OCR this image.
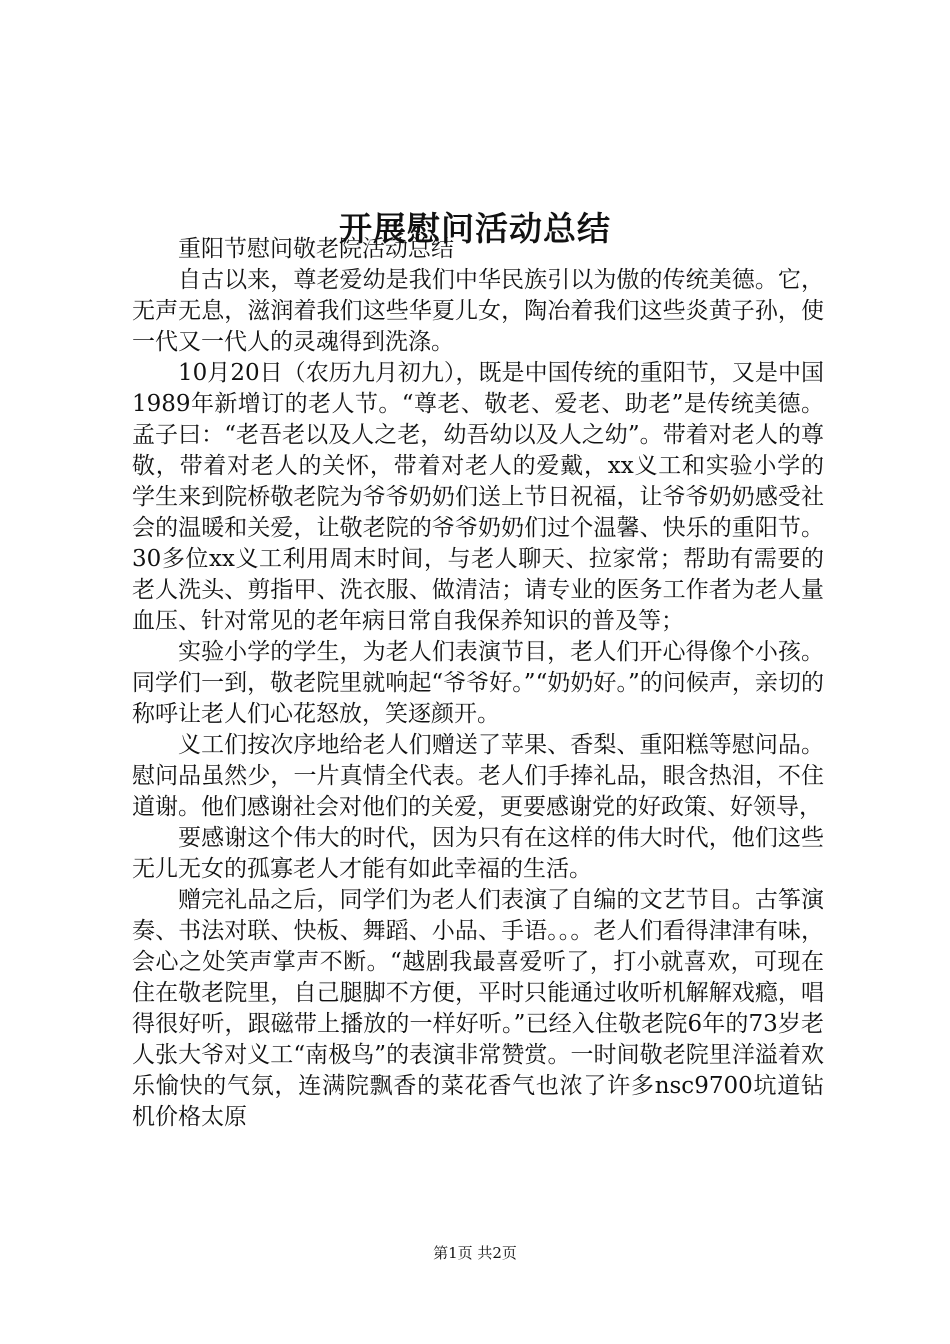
开展慰问活动总结

重阳节慰问敬老院活动总结

自古以来，尊老爱幼是我们中华民族引以为傲的传统美德。它，无声无息，滋润着我们这些华夏儿女，陶冶着我们这些炎黄子孙，使一代又一代人的灵魂得到洗涤。

10月20日（农历九月初九），既是中国传统的重阳节，又是中国1989年新增订的老人节。“尊老、敬老、爱老、助老”是传统美德。孟子曰：“老吾老以及人之老，幼吾幼以及人之幼”。带着对老人的尊敬，带着对老人的关怀，带着对老人的爱戴，xx义工和实验小学的学生来到院桥敬老院为爷爷奶奶们送上节日祝福，让爷爷奶奶感受社会的温暖和关爱，让敬老院的爷爷奶奶们过个温馨、快乐的重阳节。30多位xx义工利用周末时间，与老人聊天、拉家常；帮助有需要的老人洗头、剪指甲、洗衣服、做清洁；请专业的医务工作者为老人量血压、针对常见的老年病日常自我保养知识的普及等；

实验小学的学生，为老人们表演节目，老人们开心得像个小孩。同学们一到，敬老院里就响起“爷爷好。”“奶奶好。”的问候声，亲切的称呼让老人们心花怒放，笑逐颜开。

义工们按次序地给老人们赠送了苹果、香梨、重阳糕等慰问品。慰问品虽然少，一片真情全代表。老人们手捧礼品，眼含热泪，不住道谢。他们感谢社会对他们的关爱，更要感谢党的好政策、好领导，

要感谢这个伟大的时代，因为只有在这样的伟大时代，他们这些无儿无女的孤寡老人才能有如此幸福的生活。

赠完礼品之后，同学们为老人们表演了自编的文艺节目。古筝演奏、书法对联、快板、舞蹈、小品、手语。。。老人们看得津津有味，会心之处笑声掌声不断。“越剧我最喜爱听了，打小就喜欢，可现在住在敬老院里，自己腿脚不方便，平时只能通过收听机解解戏瘾，唱得很好听，跟磁带上播放的一样好听。”已经入住敬老院6年的73岁老人张大爷对义工“南极鸟”的表演非常赞赏。一时间敬老院里洋溢着欢乐愉快的气氛，连满院飘香的菜花香气也浓了许多nsc9700坑道钻机价格太原

第1页 共2页
